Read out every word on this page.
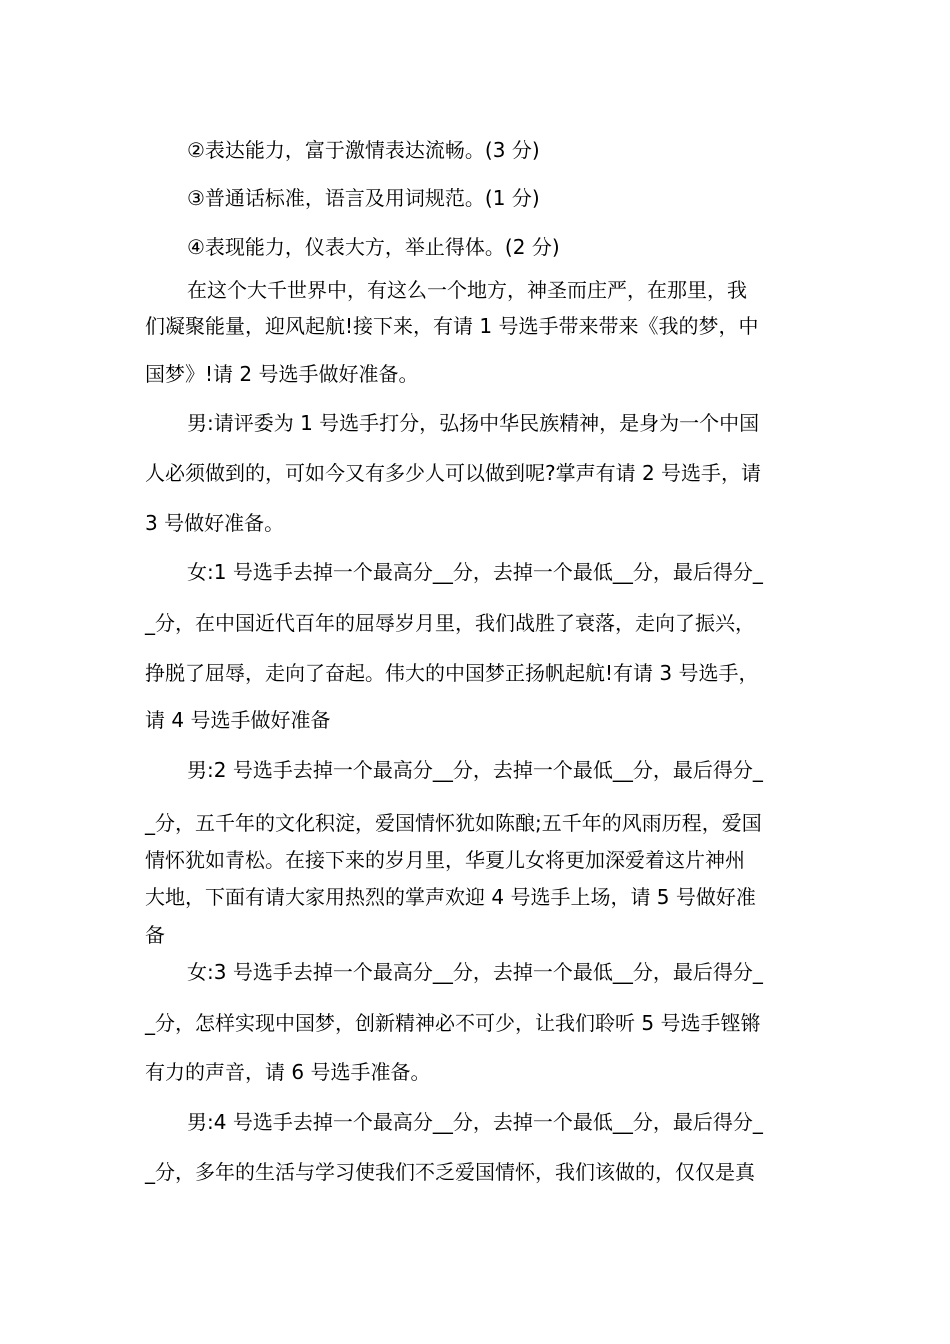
②表达能力，富于激情表达流畅。(3 分)
③普通话标准，语言及用词规范。(1 分)
④表现能力，仪表大方，举止得体。(2 分)
在这个大千世界中，有这么一个地方，神圣而庄严，在那里，我
们凝聚能量，迎风起航!接下来，有请 1 号选手带来带来《我的梦，中
国梦》!请 2 号选手做好准备。
男:请评委为 1 号选手打分，弘扬中华民族精神，是身为一个中国
人必须做到的，可如今又有多少人可以做到呢?掌声有请 2 号选手，请
3 号做好准备。
女:1 号选手去掉一个最高分__分，去掉一个最低__分，最后得分_
_分，在中国近代百年的屈辱岁月里，我们战胜了衰落，走向了振兴，
挣脱了屈辱，走向了奋起。伟大的中国梦正扬帆起航!有请 3 号选手，
请 4 号选手做好准备
男:2 号选手去掉一个最高分__分，去掉一个最低__分，最后得分_
_分，五千年的文化积淀，爱国情怀犹如陈酿;五千年的风雨历程，爱国
情怀犹如青松。在接下来的岁月里，华夏儿女将更加深爱着这片神州
大地，下面有请大家用热烈的掌声欢迎 4 号选手上场，请 5 号做好准
备
女:3 号选手去掉一个最高分__分，去掉一个最低__分，最后得分_
_分，怎样实现中国梦，创新精神必不可少，让我们聆听 5 号选手铿锵
有力的声音，请 6 号选手准备。
男:4 号选手去掉一个最高分__分，去掉一个最低__分，最后得分_
_分，多年的生活与学习使我们不乏爱国情怀，我们该做的，仅仅是真
